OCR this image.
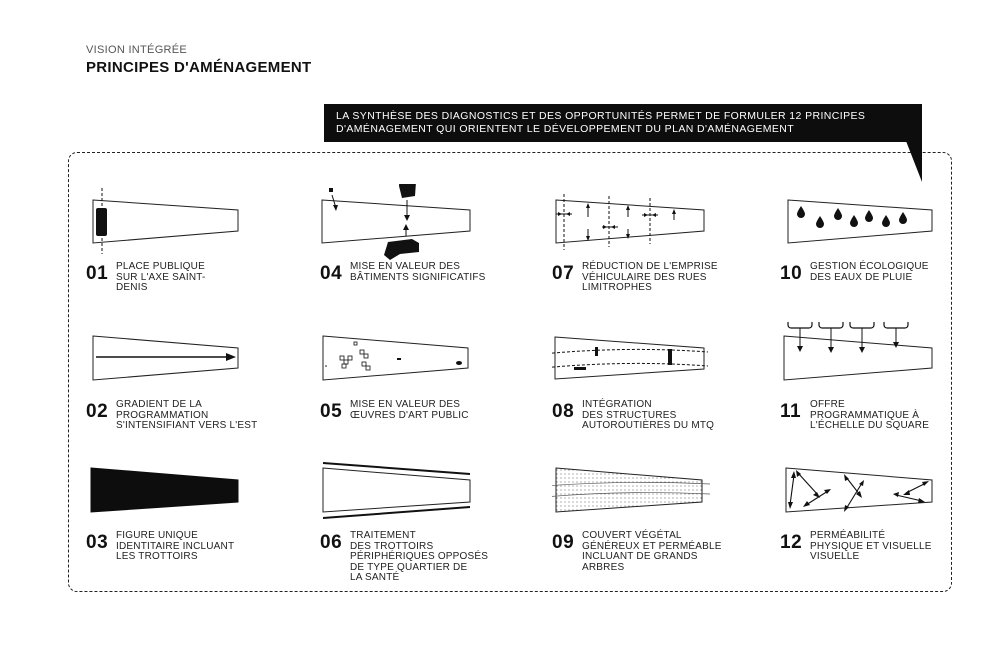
VISION INTÉGRÉE
PRINCIPES D'AMÉNAGEMENT
LA SYNTHÈSE DES DIAGNOSTICS ET DES OPPORTUNITÉS PERMET DE FORMULER 12 PRINCIPES
D'AMÉNAGEMENT QUI ORIENTENT LE DÉVELOPPEMENT DU PLAN D'AMÉNAGEMENT
01 PLACE PUBLIQUE
SUR L'AXE SAINT-
DENIS
02 GRADIENT DE LA
PROGRAMMATION
S'INTENSIFIANT VERS L'EST
03 FIGURE UNIQUE
IDENTITAIRE INCLUANT
LES TROTTOIRS
04 MISE EN VALEUR DES
BÂTIMENTS SIGNIFICATIFS
05 MISE EN VALEUR DES
ŒUVRES D'ART PUBLIC
06 TRAITEMENT
DES TROTTOIRS
PÉRIPHÉRIQUES OPPOSÉS
DE TYPE QUARTIER DE
LA SANTÉ
07 RÉDUCTION DE L'EMPRISE
VÉHICULAIRE DES RUES
LIMITROPHES
08 INTÉGRATION
DES STRUCTURES
AUTOROUTIÈRES DU MTQ
09 COUVERT VÉGÉTAL
GÉNÉREUX ET PERMÉABLE
INCLUANT DE GRANDS
ARBRES
10 GESTION ÉCOLOGIQUE
DES EAUX DE PLUIE
11 OFFRE
PROGRAMMATIQUE À
L'ÉCHELLE DU SQUARE
12 PERMÉABILITÉ
PHYSIQUE ET VISUELLE
VISUELLE
